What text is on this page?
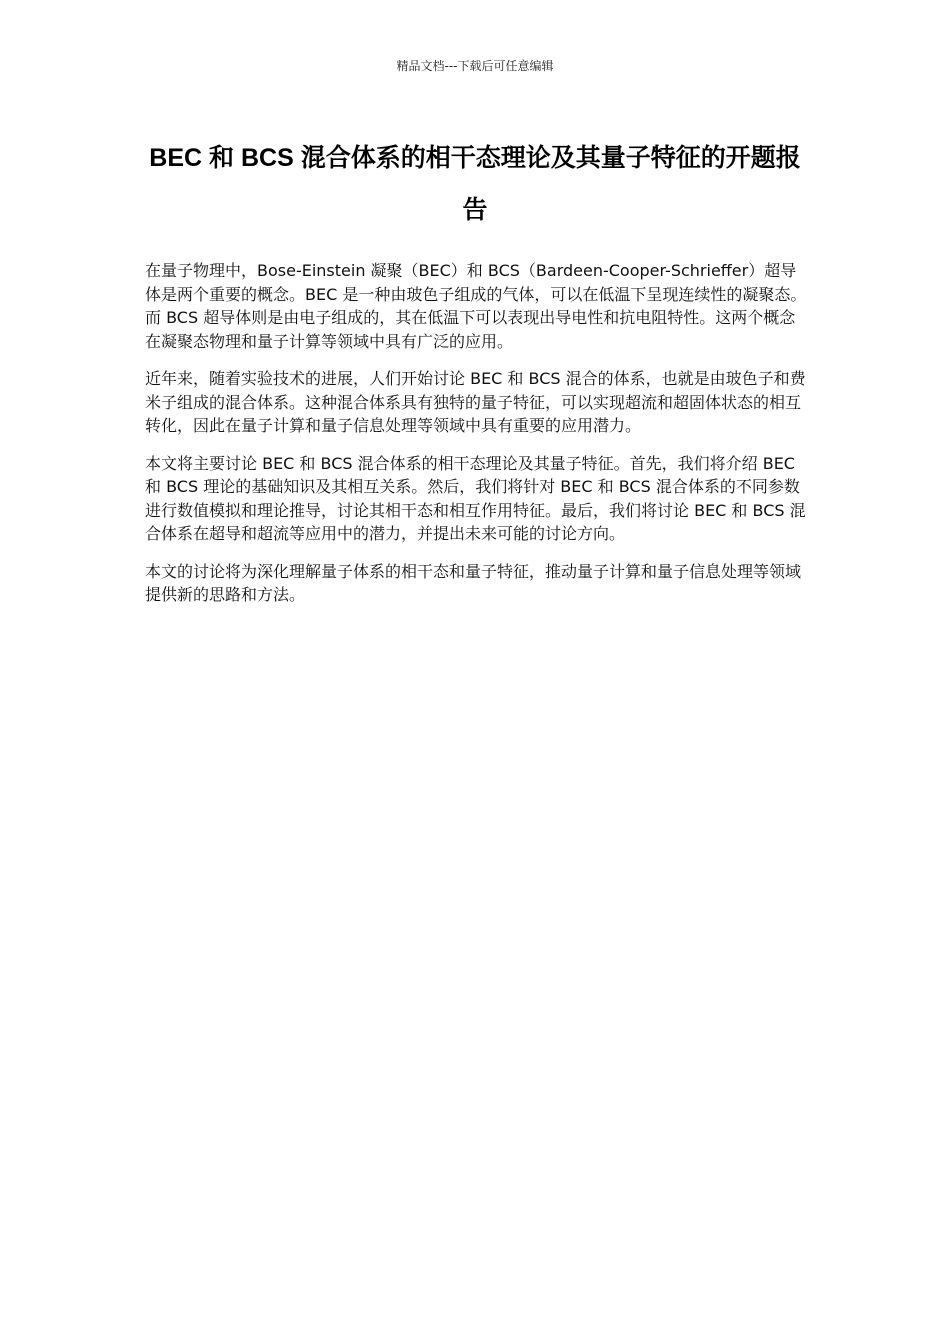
精品文档---下载后可任意编辑
BEC 和 BCS 混合体系的相干态理论及其量子特征的开题报告

在量子物理中，Bose-Einstein 凝聚（BEC）和 BCS（Bardeen-Cooper-Schrieffer）超导体是两个重要的概念。BEC 是一种由玻色子组成的气体，可以在低温下呈现连续性的凝聚态。而 BCS 超导体则是由电子组成的，其在低温下可以表现出导电性和抗电阻特性。这两个概念在凝聚态物理和量子计算等领域中具有广泛的应用。

近年来，随着实验技术的进展，人们开始讨论 BEC 和 BCS 混合的体系，也就是由玻色子和费米子组成的混合体系。这种混合体系具有独特的量子特征，可以实现超流和超固体状态的相互转化，因此在量子计算和量子信息处理等领域中具有重要的应用潜力。

本文将主要讨论 BEC 和 BCS 混合体系的相干态理论及其量子特征。首先，我们将介绍 BEC 和 BCS 理论的基础知识及其相互关系。然后，我们将针对 BEC 和 BCS 混合体系的不同参数进行数值模拟和理论推导，讨论其相干态和相互作用特征。最后，我们将讨论 BEC 和 BCS 混合体系在超导和超流等应用中的潜力，并提出未来可能的讨论方向。

本文的讨论将为深化理解量子体系的相干态和量子特征，推动量子计算和量子信息处理等领域提供新的思路和方法。
